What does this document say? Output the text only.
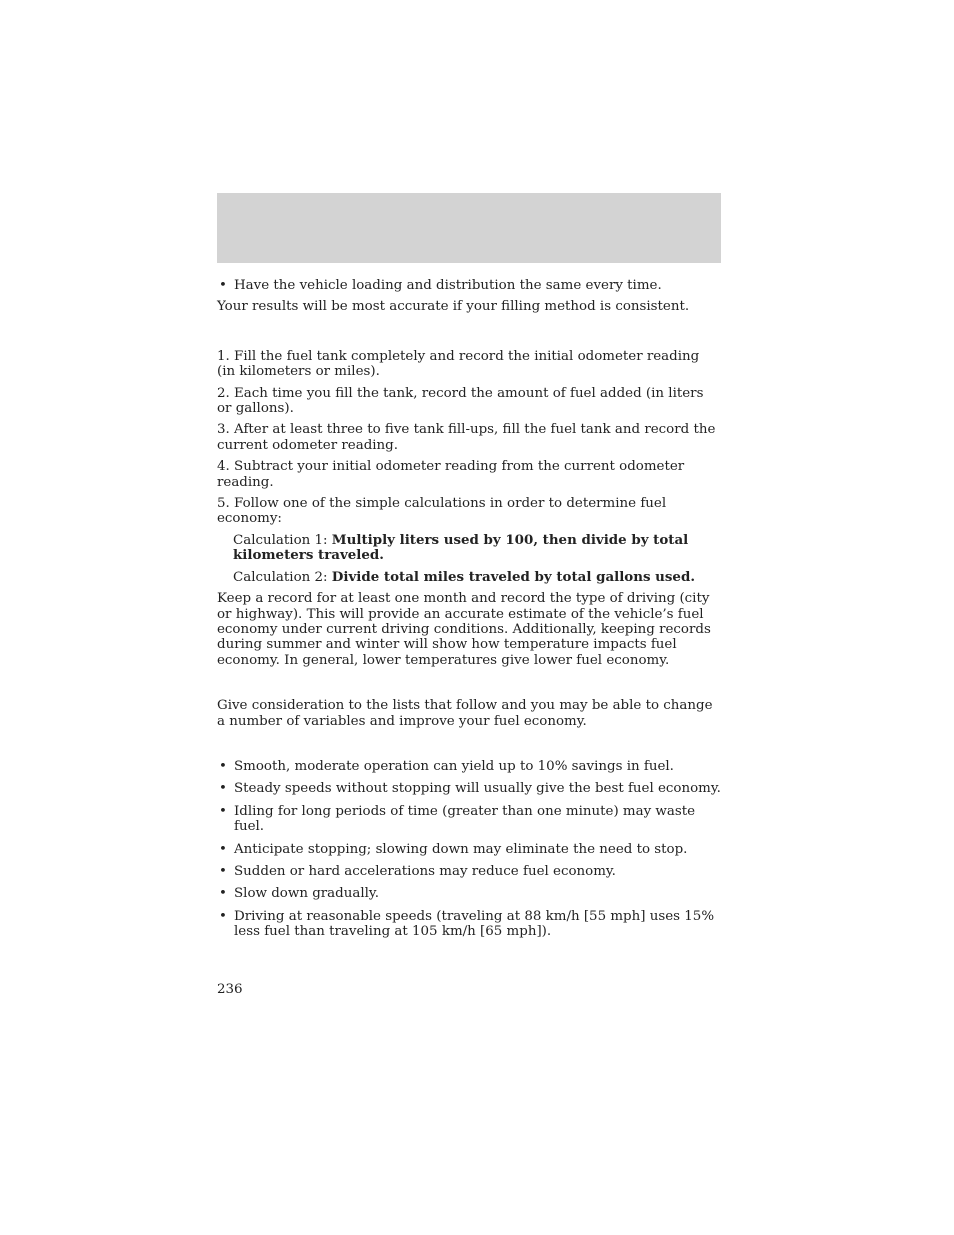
• Have the vehicle loading and distribution the same every time.

Your results will be most accurate if your filling method is consistent.

1. Fill the fuel tank completely and record the initial odometer reading (in kilometers or miles).

2. Each time you fill the tank, record the amount of fuel added (in liters or gallons).

3. After at least three to five tank fill-ups, fill the fuel tank and record the current odometer reading.

4. Subtract your initial odometer reading from the current odometer reading.

5. Follow one of the simple calculations in order to determine fuel economy:

Calculation 1: Multiply liters used by 100, then divide by total kilometers traveled.

Calculation 2: Divide total miles traveled by total gallons used.

Keep a record for at least one month and record the type of driving (city or highway). This will provide an accurate estimate of the vehicle’s fuel economy under current driving conditions. Additionally, keeping records during summer and winter will show how temperature impacts fuel economy. In general, lower temperatures give lower fuel economy.

Give consideration to the lists that follow and you may be able to change a number of variables and improve your fuel economy.

• Smooth, moderate operation can yield up to 10% savings in fuel.
• Steady speeds without stopping will usually give the best fuel economy.
• Idling for long periods of time (greater than one minute) may waste fuel.
• Anticipate stopping; slowing down may eliminate the need to stop.
• Sudden or hard accelerations may reduce fuel economy.
• Slow down gradually.
• Driving at reasonable speeds (traveling at 88 km/h [55 mph] uses 15% less fuel than traveling at 105 km/h [65 mph]).
236
